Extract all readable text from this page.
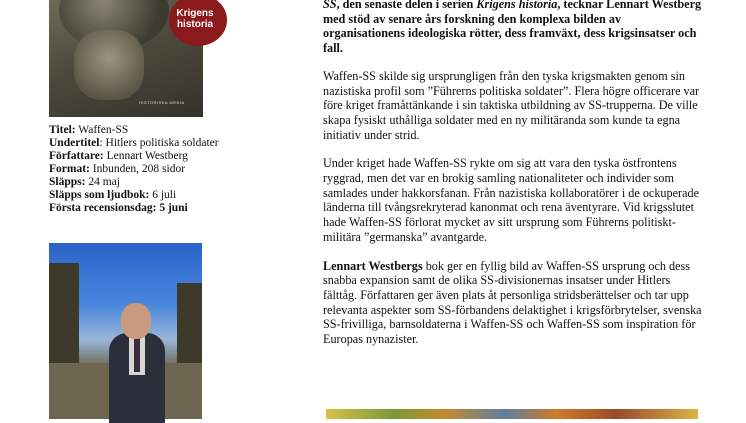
Krigens historia
HISTORISKA MEDIA
Titel: Waffen-SS
Undertitel: Hitlers politiska soldater
Författare: Lennart Westberg
Format: Inbunden, 208 sidor
Släpps: 24 maj
Släpps som ljudbok: 6 juli
Första recensionsdag: 5 juni

SS, den senaste delen i serien Krigens historia, tecknar Lennart Westberg med stöd av senare års forskning den komplexa bilden av organisationens ideologiska rötter, dess framväxt, dess krigsinsatser och fall.

Waffen-SS skilde sig ursprungligen från den tyska krigsmakten genom sin nazistiska profil som ”Führerns politiska soldater”. Flera högre officerare var före kriget framåttänkande i sin taktiska utbildning av SS-trupperna. De ville skapa fysiskt uthålliga soldater med en ny militäranda som kunde ta egna initiativ under strid.

Under kriget hade Waffen-SS rykte om sig att vara den tyska östfrontens ryggrad, men det var en brokig samling nationaliteter och individer som samlades under hakkorsfanan. Från nazistiska kollaboratörer i de ockuperade länderna till tvångsrekryterad kanonmat och rena äventyrare. Vid krigsslutet hade Waffen-SS förlorat mycket av sitt ursprung som Führerns politiskt-militära ”germanska” avantgarde.

Lennart Westbergs bok ger en fyllig bild av Waffen-SS ursprung och dess snabba expansion samt de olika SS-divisionernas insatser under Hitlers fälttåg. Författaren ger även plats åt personliga stridsberättelser och tar upp relevanta aspekter som SS-förbandens delaktighet i krigsförbrytelser, svenska SS-frivilliga, barnsoldaterna i Waffen-SS och Waffen-SS som inspiration för Europas nynazister.
